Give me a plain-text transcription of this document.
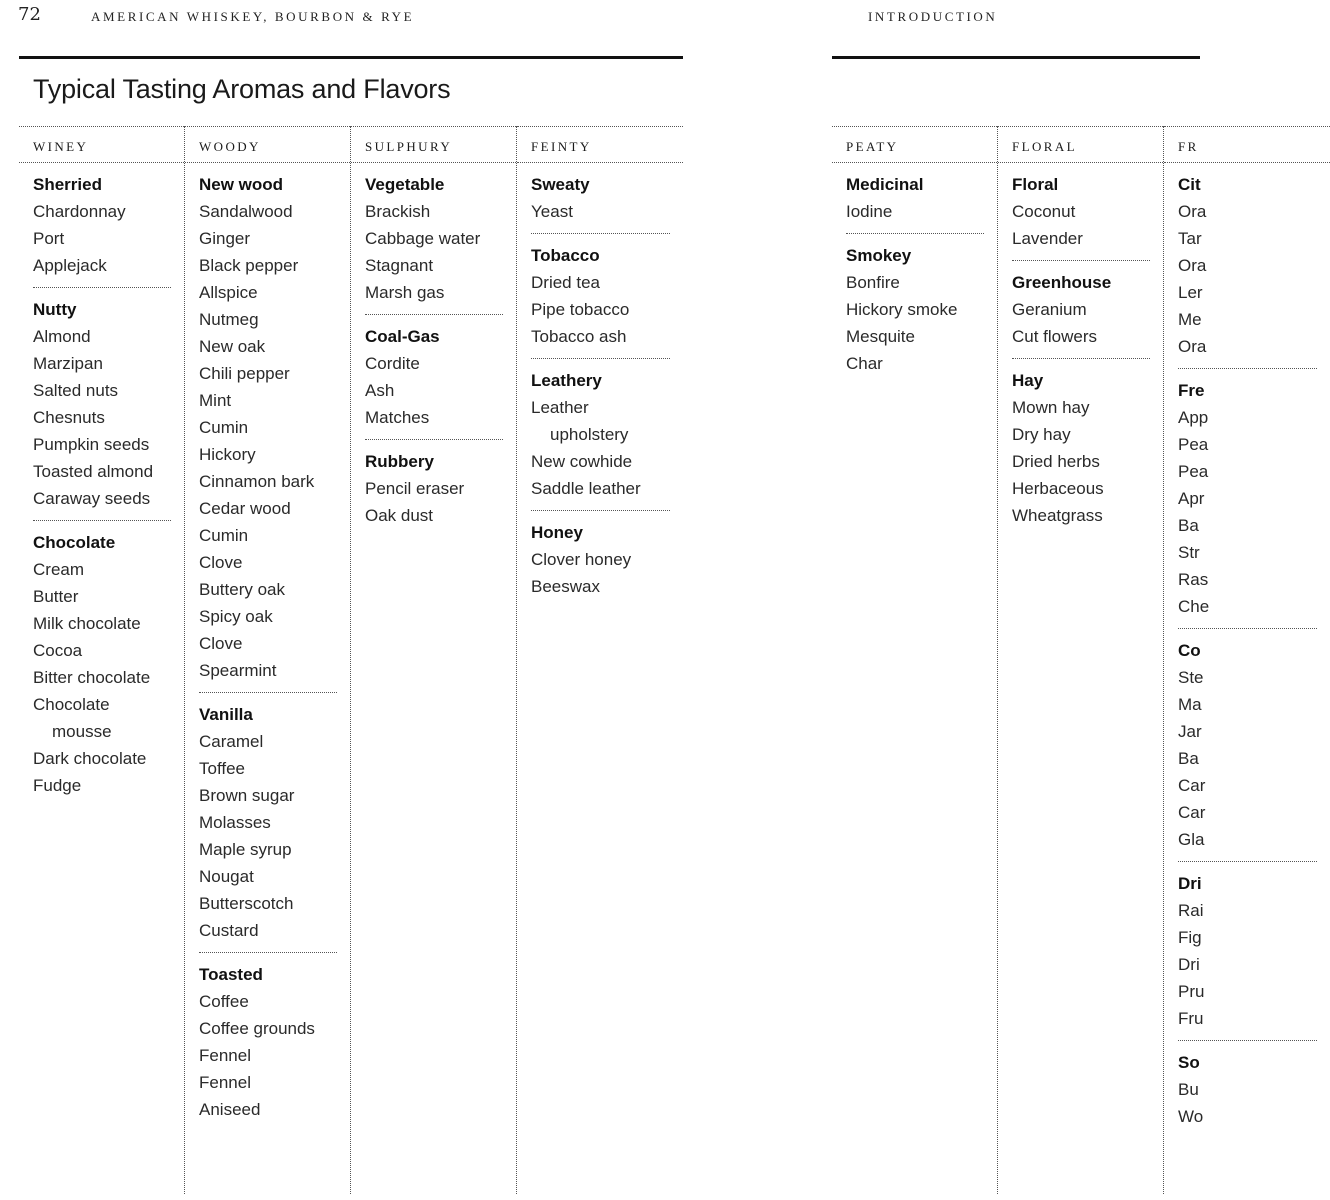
72	AMERICAN WHISKEY, BOURBON & RYE
Typical Tasting Aromas and Flavors
WINEY
Sherried
Chardonnay
Port
Applejack
Nutty
Almond
Marzipan
Salted nuts
Chesnuts
Pumpkin seeds
Toasted almond
Caraway seeds
Chocolate
Cream
Butter
Milk chocolate
Cocoa
Bitter chocolate
Chocolate
mousse
Dark chocolate
Fudge
WOODY
New wood
Sandalwood
Ginger
Black pepper
Allspice
Nutmeg
New oak
Chili pepper
Mint
Cumin
Hickory
Cinnamon bark
Cedar wood
Cumin
Clove
Buttery oak
Spicy oak
Clove
Spearmint
Vanilla
Caramel
Toffee
Brown sugar
Molasses
Maple syrup
Nougat
Butterscotch
Custard
Toasted
Coffee
Coffee grounds
Fennel
Fennel
Aniseed
SULPHURY
Vegetable
Brackish
Cabbage water
Stagnant
Marsh gas
Coal-Gas
Cordite
Ash
Matches
Rubbery
Pencil eraser
Oak dust
FEINTY
Sweaty
Yeast
Tobacco
Dried tea
Pipe tobacco
Tobacco ash
Leathery
Leather
upholstery
New cowhide
Saddle leather
Honey
Clover honey
Beeswax
INTRODUCTION
PEATY
Medicinal
Iodine
Smokey
Bonfire
Hickory smoke
Mesquite
Char
FLORAL
Floral
Coconut
Lavender
Greenhouse
Geranium
Cut flowers
Hay
Mown hay
Dry hay
Dried herbs
Herbaceous
Wheatgrass
FR
Cit
Ora
Tar
Ora
Ler
Me
Ora
Fre
App
Pea
Pea
Apr
Ba
Str
Ras
Che
Co
Ste
Ma
Jar
Ba
Car
Car
Gla
Dri
Rai
Fig
Dri
Pru
Fru
So
Bu
Wo
